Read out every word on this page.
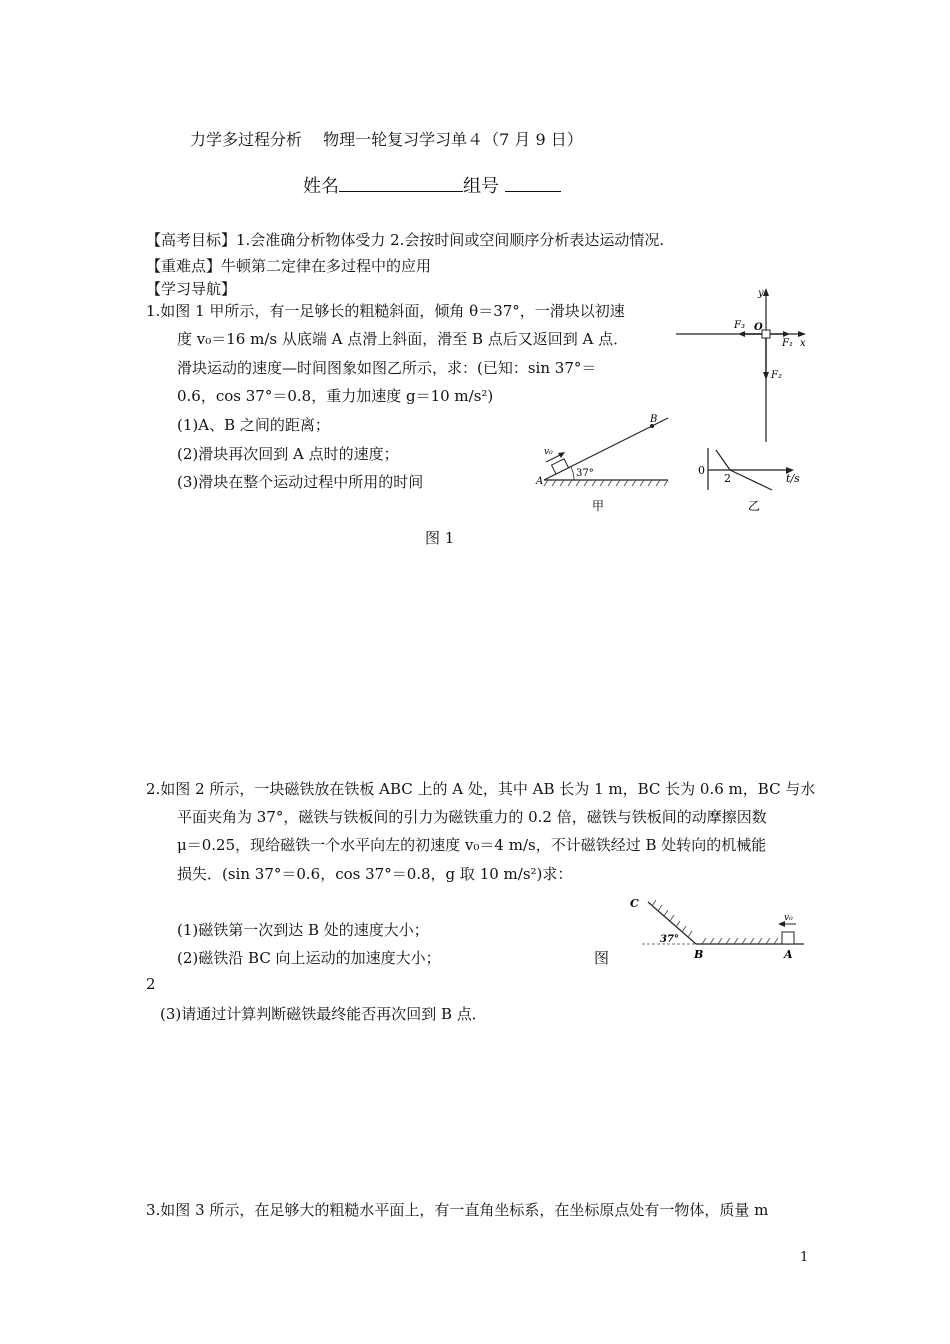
力学多过程分析　 物理一轮复习学习单４（7 月 9 日）
姓名	组号
【高考目标】1.会准确分析物体受力 2.会按时间或空间顺序分析表达运动情况.
【重难点】牛顿第二定律在多过程中的应用
【学习导航】
1.如图 1 甲所示，有一足够长的粗糙斜面，倾角 θ＝37°，一滑块以初速
度 v₀＝16 m/s 从底端 A 点滑上斜面，滑至 B 点后又返回到 A 点．
滑块运动的速度—时间图象如图乙所示，求：(已知：sin 37°＝
0.6，cos 37°＝0.8，重力加速度 g＝10 m/s²)
(1)A、B 之间的距离；
(2)滑块再次回到 A 点时的速度；
(3)滑块在整个运动过程中所用的时间
图 1
y
x
O
F₃
F₁
F₂
A
B
v₀
37°
甲
0
2	t/s
乙
2.如图 2 所示，一块磁铁放在铁板 ABC 上的 A 处，其中 AB 长为 1 m，BC 长为 0.6 m，BC 与水
平面夹角为 37°，磁铁与铁板间的引力为磁铁重力的 0.2 倍，磁铁与铁板间的动摩擦因数
μ＝0.25，现给磁铁一个水平向左的初速度 v₀＝4 m/s，不计磁铁经过 B 处转向的机械能
损失．(sin 37°＝0.6，cos 37°＝0.8，g 取 10 m/s²)求：
(1)磁铁第一次到达 B 处的速度大小；
(2)磁铁沿 BC 向上运动的加速度大小；	图
2
(3)请通过计算判断磁铁最终能否再次回到 B 点．
C
B	A
v₀
37°
3.如图 3 所示，在足够大的粗糙水平面上，有一直角坐标系，在坐标原点处有一物体，质量 m
1
